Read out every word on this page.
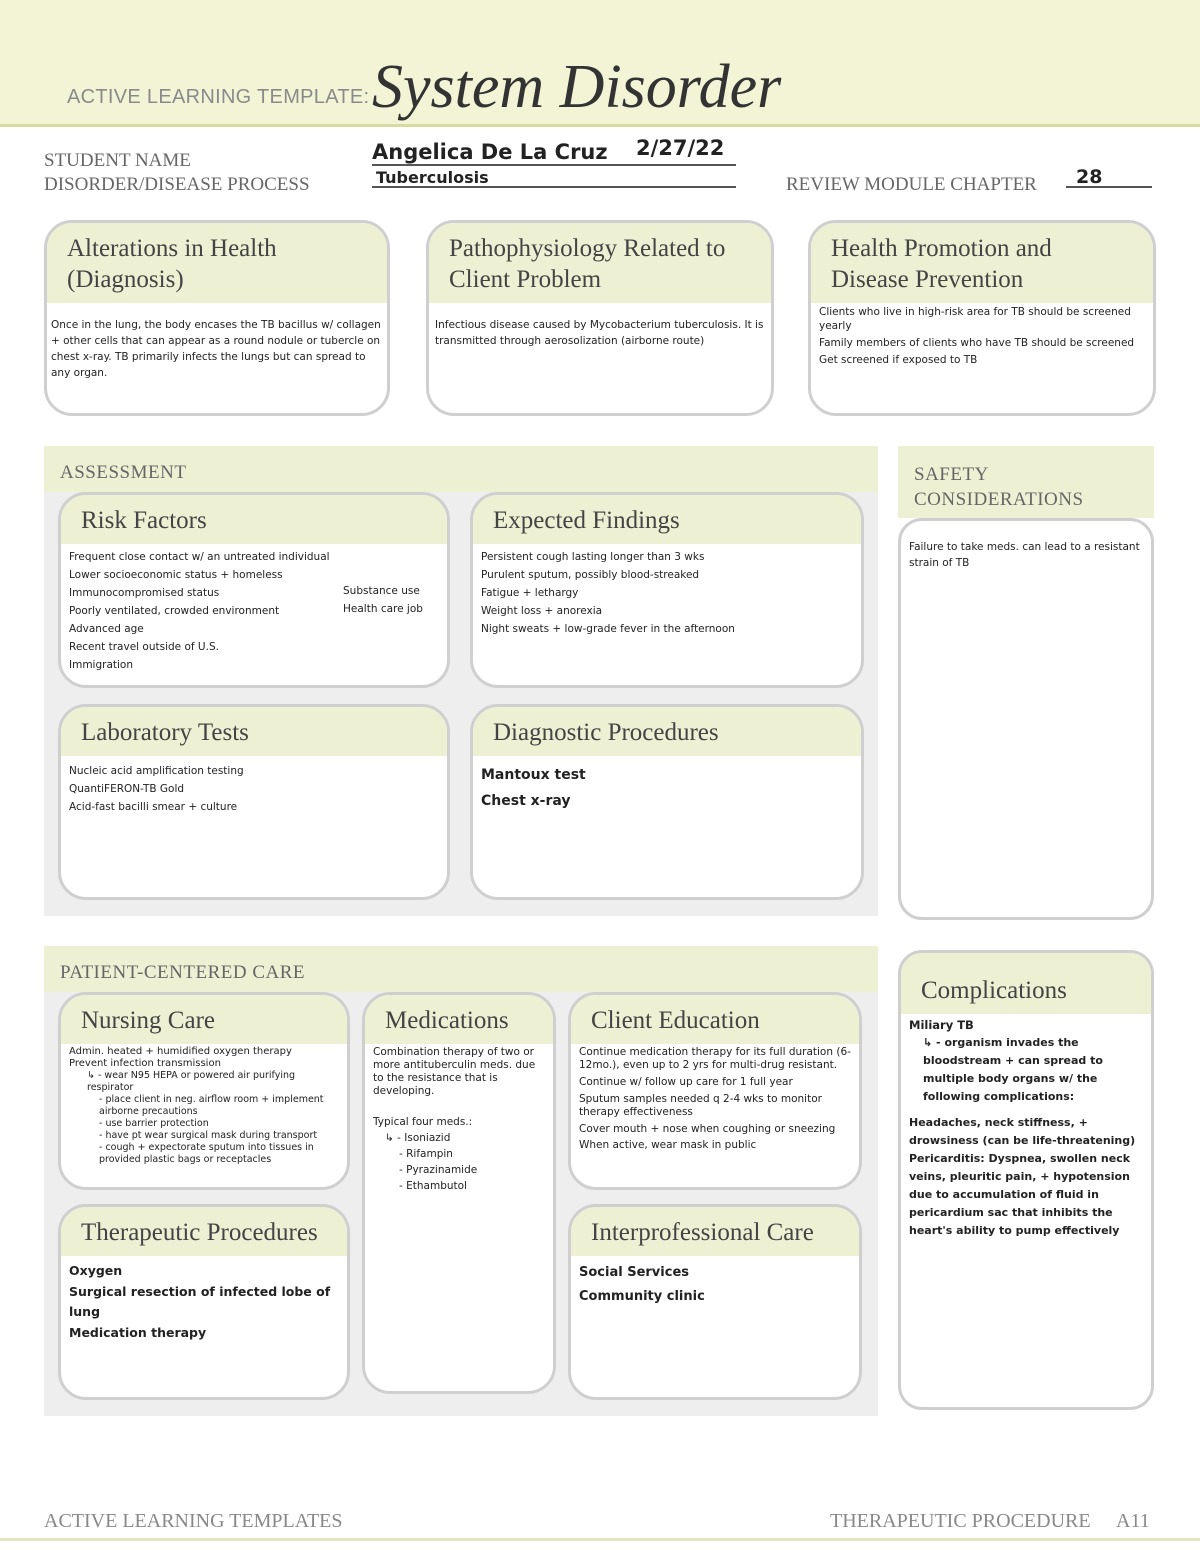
ACTIVE LEARNING TEMPLATE: System Disorder
STUDENT NAME
DISORDER/DISEASE PROCESS
Angelica De La Cruz 2/27/22
Tuberculosis	REVIEW MODULE CHAPTER 28
Alterations in Health (Diagnosis)
Once in the lung, the body encases the TB bacillus w/ collagen + other cells that can appear as a round nodule or tubercle on chest x-ray. TB primarily infects the lungs but can spread to any organ.
Pathophysiology Related to Client Problem
Infectious disease caused by Mycobacterium tuberculosis. It is transmitted through aerosolization (airborne route)
Health Promotion and Disease Prevention
Clients who live in high-risk area for TB should be screened yearly
Family members of clients who have TB should be screened
Get screened if exposed to TB
ASSESSMENT
Risk Factors
Frequent close contact w/ an untreated individual
Lower socioeconomic status + homeless
Immunocompromised status
Poorly ventilated, crowded environment
Advanced age
Recent travel outside of U.S.
Immigration
Substance use
Health care job
Expected Findings
Persistent cough lasting longer than 3 wks
Purulent sputum, possibly blood-streaked
Fatigue + lethargy
Weight loss + anorexia
Night sweats + low-grade fever in the afternoon
Laboratory Tests
Nucleic acid amplification testing
QuantiFERON-TB Gold
Acid-fast bacilli smear + culture
Diagnostic Procedures
Mantoux test
Chest x-ray
SAFETY CONSIDERATIONS
Failure to take meds. can lead to a resistant strain of TB
PATIENT-CENTERED CARE
Nursing Care
Admin. heated + humidified oxygen therapy
Prevent infection transmission
↳ - wear N95 HEPA or powered air purifying respirator
- place client in neg. airflow room + implement airborne precautions
- use barrier protection
- have pt wear surgical mask during transport
- cough + expectorate sputum into tissues in provided plastic bags or receptacles
Medications
Combination therapy of two or more antituberculin meds. due to the resistance that is developing.
Typical four meds.:
↳ - Isoniazid
- Rifampin
- Pyrazinamide
- Ethambutol
Client Education
Continue medication therapy for its full duration (6-12mo.), even up to 2 yrs for multi-drug resistant.
Continue w/ follow up care for 1 full year
Sputum samples needed q 2-4 wks to monitor therapy effectiveness
Cover mouth + nose when coughing or sneezing
When active, wear mask in public
Therapeutic Procedures
Oxygen
Surgical resection of infected lobe of lung
Medication therapy
Interprofessional Care
Social Services
Community clinic
Complications
Miliary TB
↳ - organism invades the bloodstream + can spread to multiple body organs w/ the following complications:
Headaches, neck stiffness, + drowsiness (can be life-threatening)
Pericarditis: Dyspnea, swollen neck veins, pleuritic pain, + hypotension due to accumulation of fluid in pericardium sac that inhibits the heart's ability to pump effectively
ACTIVE LEARNING TEMPLATES	THERAPEUTIC PROCEDURE A11
